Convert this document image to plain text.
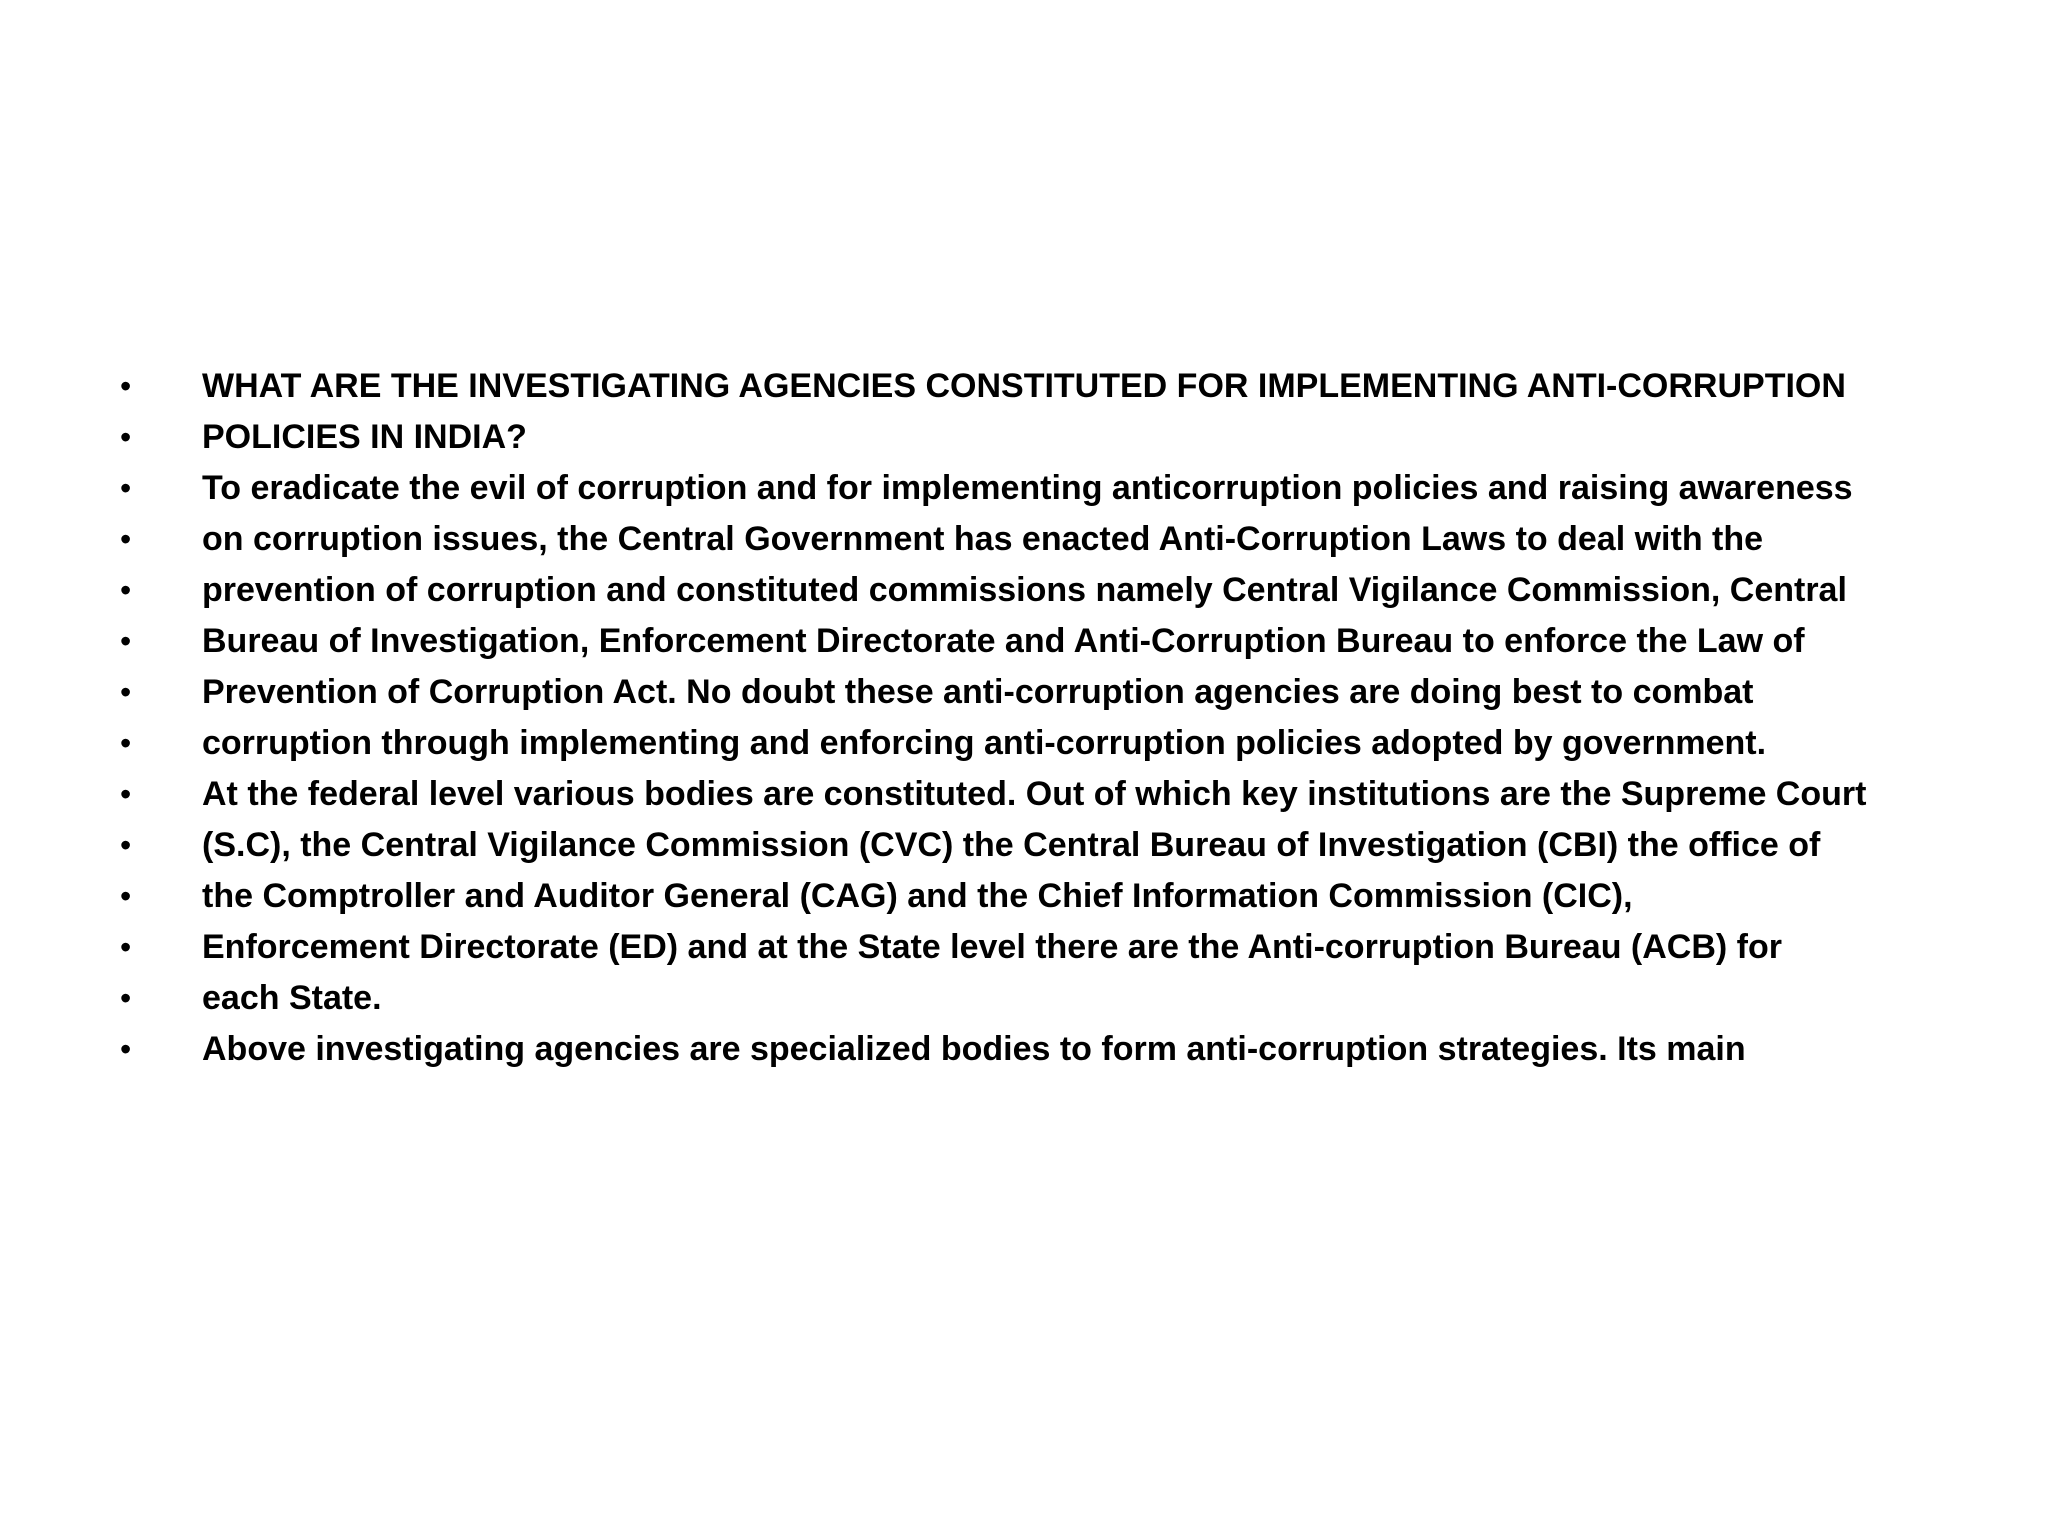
•	WHAT ARE THE INVESTIGATING AGENCIES CONSTITUTED FOR IMPLEMENTING ANTI-CORRUPTION
•	POLICIES IN INDIA?
•	To eradicate the evil of corruption and for implementing anticorruption policies and raising awareness
•	on corruption issues, the Central Government has enacted Anti-Corruption Laws to deal with the
•	prevention of corruption and constituted commissions namely Central Vigilance Commission, Central
•	Bureau of Investigation, Enforcement Directorate and Anti-Corruption Bureau to enforce the Law of
•	Prevention of Corruption Act. No doubt these anti-corruption agencies are doing best to combat
•	corruption through implementing and enforcing anti-corruption policies adopted by government.
•	At the federal level various bodies are constituted. Out of which key institutions are the Supreme Court
•	(S.C), the Central Vigilance Commission (CVC) the Central Bureau of Investigation (CBI) the office of
•	the Comptroller and Auditor General (CAG) and the Chief Information Commission (CIC),
•	Enforcement Directorate (ED) and at the State level there are the Anti-corruption Bureau (ACB) for
•	each State.
•	Above investigating agencies are specialized bodies to form anti-corruption strategies. Its main
